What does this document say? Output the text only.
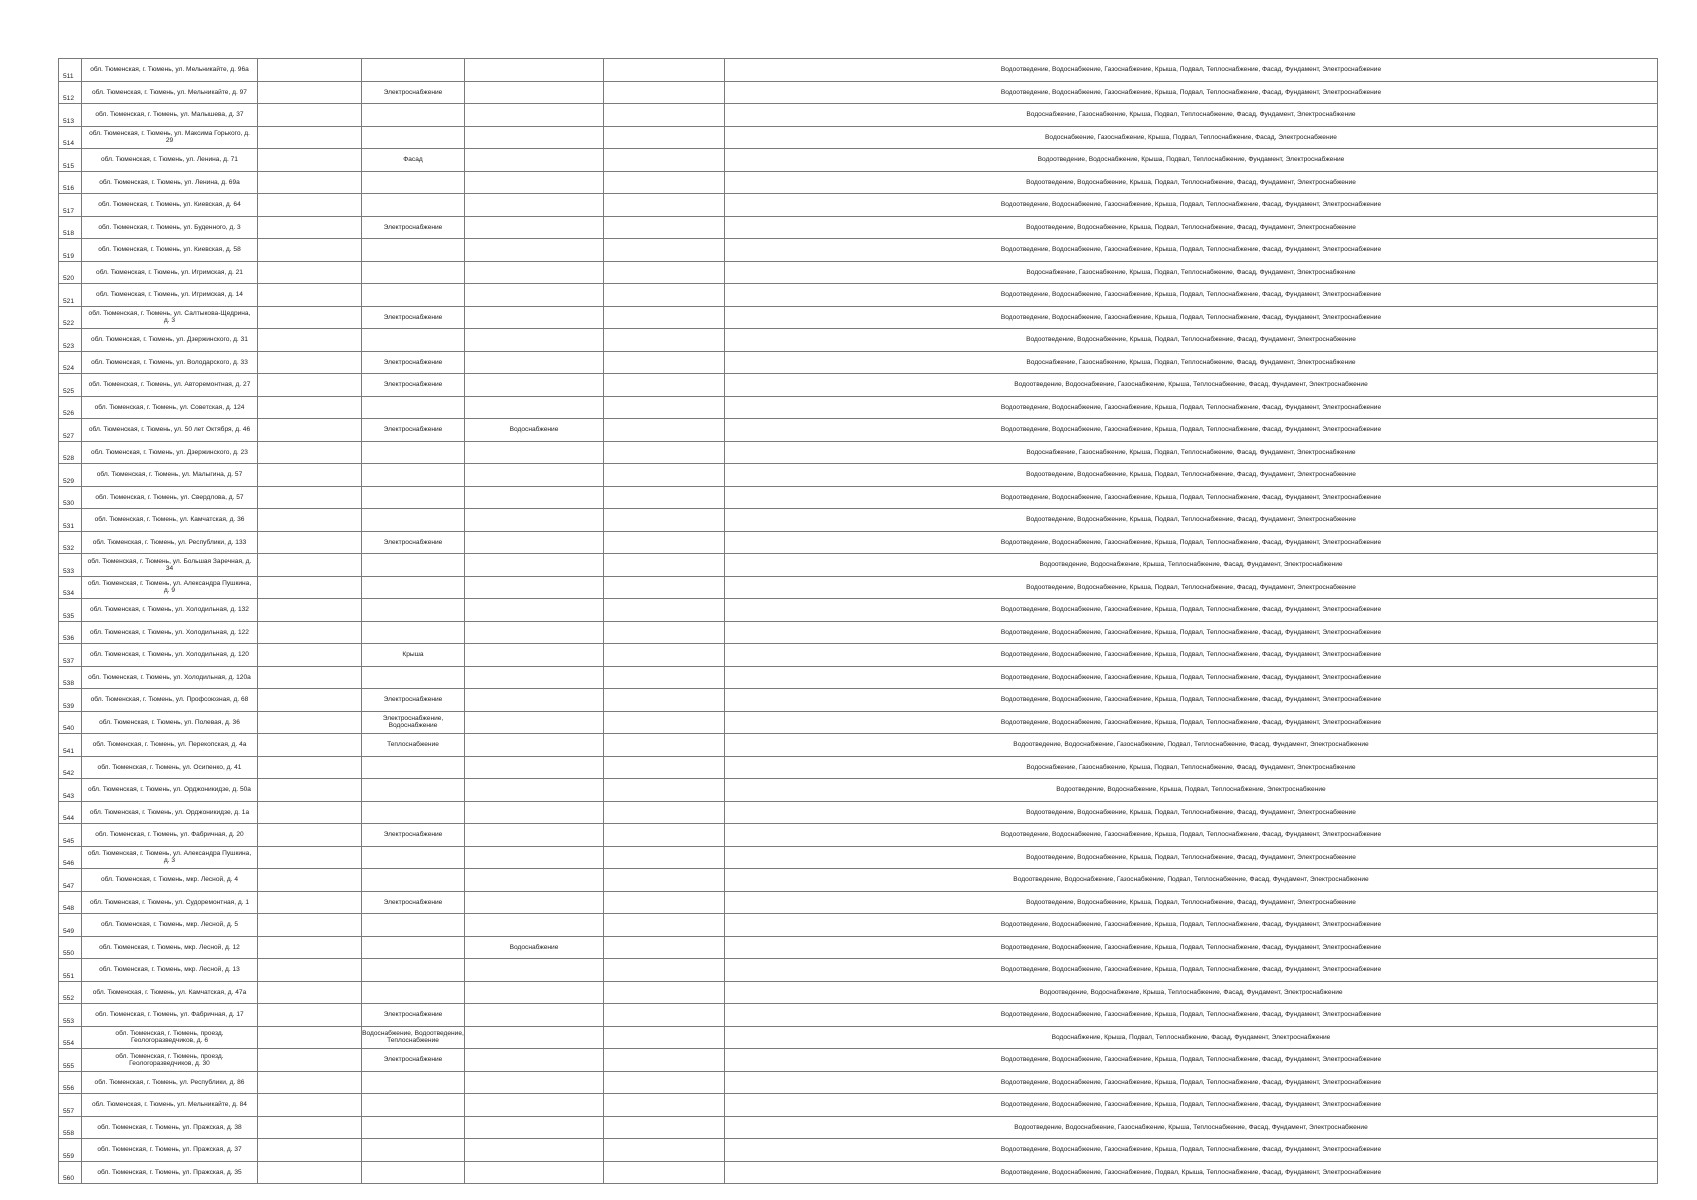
511	обл. Тюменская, г. Тюмень, ул. Мельникайте, д. 96а					Водоотведение, Водоснабжение, Газоснабжение, Крыша, Подвал, Теплоснабжение, Фасад, Фундамент, Электроснабжение
512	обл. Тюменская, г. Тюмень, ул. Мельникайте, д. 97		Электроснабжение			Водоотведение, Водоснабжение, Газоснабжение, Крыша, Подвал, Теплоснабжение, Фасад, Фундамент, Электроснабжение
513	обл. Тюменская, г. Тюмень, ул. Малышева, д. 37					Водоснабжение, Газоснабжение, Крыша, Подвал, Теплоснабжение, Фасад, Фундамент, Электроснабжение
514	обл. Тюменская, г. Тюмень, ул. Максима Горького, д. 29					Водоснабжение, Газоснабжение, Крыша, Подвал, Теплоснабжение, Фасад, Электроснабжение
515	обл. Тюменская, г. Тюмень, ул. Ленина, д. 71		Фасад			Водоотведение, Водоснабжение, Крыша, Подвал, Теплоснабжение, Фундамент, Электроснабжение
516	обл. Тюменская, г. Тюмень, ул. Ленина, д. 69а					Водоотведение, Водоснабжение, Крыша, Подвал, Теплоснабжение, Фасад, Фундамент, Электроснабжение
517	обл. Тюменская, г. Тюмень, ул. Киевская, д. 64					Водоотведение, Водоснабжение, Газоснабжение, Крыша, Подвал, Теплоснабжение, Фасад, Фундамент, Электроснабжение
518	обл. Тюменская, г. Тюмень, ул. Буденного, д. 3		Электроснабжение			Водоотведение, Водоснабжение, Крыша, Подвал, Теплоснабжение, Фасад, Фундамент, Электроснабжение
519	обл. Тюменская, г. Тюмень, ул. Киевская, д. 58					Водоотведение, Водоснабжение, Газоснабжение, Крыша, Подвал, Теплоснабжение, Фасад, Фундамент, Электроснабжение
520	обл. Тюменская, г. Тюмень, ул. Игримская, д. 21					Водоснабжение, Газоснабжение, Крыша, Подвал, Теплоснабжение, Фасад, Фундамент, Электроснабжение
521	обл. Тюменская, г. Тюмень, ул. Игримская, д. 14					Водоотведение, Водоснабжение, Газоснабжение, Крыша, Подвал, Теплоснабжение, Фасад, Фундамент, Электроснабжение
522	обл. Тюменская, г. Тюмень, ул. Салтыкова-Щедрина, д. 3		Электроснабжение			Водоотведение, Водоснабжение, Газоснабжение, Крыша, Подвал, Теплоснабжение, Фасад, Фундамент, Электроснабжение
523	обл. Тюменская, г. Тюмень, ул. Дзержинского, д. 31					Водоотведение, Водоснабжение, Крыша, Подвал, Теплоснабжение, Фасад, Фундамент, Электроснабжение
524	обл. Тюменская, г. Тюмень, ул. Володарского, д. 33		Электроснабжение			Водоснабжение, Газоснабжение, Крыша, Подвал, Теплоснабжение, Фасад, Фундамент, Электроснабжение
525	обл. Тюменская, г. Тюмень, ул. Авторемонтная, д. 27		Электроснабжение			Водоотведение, Водоснабжение, Газоснабжение, Крыша, Теплоснабжение, Фасад, Фундамент, Электроснабжение
526	обл. Тюменская, г. Тюмень, ул. Советская, д. 124					Водоотведение, Водоснабжение, Газоснабжение, Крыша, Подвал, Теплоснабжение, Фасад, Фундамент, Электроснабжение
527	обл. Тюменская, г. Тюмень, ул. 50 лет Октября, д. 46		Электроснабжение	Водоснабжение		Водоотведение, Водоснабжение, Газоснабжение, Крыша, Подвал, Теплоснабжение, Фасад, Фундамент, Электроснабжение
528	обл. Тюменская, г. Тюмень, ул. Дзержинского, д. 23					Водоснабжение, Газоснабжение, Крыша, Подвал, Теплоснабжение, Фасад, Фундамент, Электроснабжение
529	обл. Тюменская, г. Тюмень, ул. Малыгина, д. 57					Водоотведение, Водоснабжение, Крыша, Подвал, Теплоснабжение, Фасад, Фундамент, Электроснабжение
530	обл. Тюменская, г. Тюмень, ул. Свердлова, д. 57					Водоотведение, Водоснабжение, Газоснабжение, Крыша, Подвал, Теплоснабжение, Фасад, Фундамент, Электроснабжение
531	обл. Тюменская, г. Тюмень, ул. Камчатская, д. 36					Водоотведение, Водоснабжение, Крыша, Подвал, Теплоснабжение, Фасад, Фундамент, Электроснабжение
532	обл. Тюменская, г. Тюмень, ул. Республики, д. 133		Электроснабжение			Водоотведение, Водоснабжение, Газоснабжение, Крыша, Подвал, Теплоснабжение, Фасад, Фундамент, Электроснабжение
533	обл. Тюменская, г. Тюмень, ул. Большая Заречная, д. 34					Водоотведение, Водоснабжение, Крыша, Теплоснабжение, Фасад, Фундамент, Электроснабжение
534	обл. Тюменская, г. Тюмень, ул. Александра Пушкина, д. 9					Водоотведение, Водоснабжение, Крыша, Подвал, Теплоснабжение, Фасад, Фундамент, Электроснабжение
535	обл. Тюменская, г. Тюмень, ул. Холодильная, д. 132					Водоотведение, Водоснабжение, Газоснабжение, Крыша, Подвал, Теплоснабжение, Фасад, Фундамент, Электроснабжение
536	обл. Тюменская, г. Тюмень, ул. Холодильная, д. 122					Водоотведение, Водоснабжение, Газоснабжение, Крыша, Подвал, Теплоснабжение, Фасад, Фундамент, Электроснабжение
537	обл. Тюменская, г. Тюмень, ул. Холодильная, д. 120		Крыша			Водоотведение, Водоснабжение, Газоснабжение, Крыша, Подвал, Теплоснабжение, Фасад, Фундамент, Электроснабжение
538	обл. Тюменская, г. Тюмень, ул. Холодильная, д. 120а					Водоотведение, Водоснабжение, Газоснабжение, Крыша, Подвал, Теплоснабжение, Фасад, Фундамент, Электроснабжение
539	обл. Тюменская, г. Тюмень, ул. Профсоюзная, д. 68		Электроснабжение			Водоотведение, Водоснабжение, Газоснабжение, Крыша, Подвал, Теплоснабжение, Фасад, Фундамент, Электроснабжение
540	обл. Тюменская, г. Тюмень, ул. Полевая, д. 36		Электроснабжение, Водоснабжение			Водоотведение, Водоснабжение, Газоснабжение, Крыша, Подвал, Теплоснабжение, Фасад, Фундамент, Электроснабжение
541	обл. Тюменская, г. Тюмень, ул. Перекопская, д. 4а		Теплоснабжение			Водоотведение, Водоснабжение, Газоснабжение, Подвал, Теплоснабжение, Фасад, Фундамент, Электроснабжение
542	обл. Тюменская, г. Тюмень, ул. Осипенко, д. 41					Водоснабжение, Газоснабжение, Крыша, Подвал, Теплоснабжение, Фасад, Фундамент, Электроснабжение
543	обл. Тюменская, г. Тюмень, ул. Орджоникидзе, д. 50а					Водоотведение, Водоснабжение, Крыша, Подвал, Теплоснабжение, Электроснабжение
544	обл. Тюменская, г. Тюмень, ул. Орджоникидзе, д. 1а					Водоотведение, Водоснабжение, Крыша, Подвал, Теплоснабжение, Фасад, Фундамент, Электроснабжение
545	обл. Тюменская, г. Тюмень, ул. Фабричная, д. 20		Электроснабжение			Водоотведение, Водоснабжение, Газоснабжение, Крыша, Подвал, Теплоснабжение, Фасад, Фундамент, Электроснабжение
546	обл. Тюменская, г. Тюмень, ул. Александра Пушкина, д. 3					Водоотведение, Водоснабжение, Крыша, Подвал, Теплоснабжение, Фасад, Фундамент, Электроснабжение
547	обл. Тюменская, г. Тюмень, мкр. Лесной, д. 4					Водоотведение, Водоснабжение, Газоснабжение, Подвал, Теплоснабжение, Фасад, Фундамент, Электроснабжение
548	обл. Тюменская, г. Тюмень, ул. Судоремонтная, д. 1		Электроснабжение			Водоотведение, Водоснабжение, Крыша, Подвал, Теплоснабжение, Фасад, Фундамент, Электроснабжение
549	обл. Тюменская, г. Тюмень, мкр. Лесной, д. 5					Водоотведение, Водоснабжение, Газоснабжение, Крыша, Подвал, Теплоснабжение, Фасад, Фундамент, Электроснабжение
550	обл. Тюменская, г. Тюмень, мкр. Лесной, д. 12			Водоснабжение		Водоотведение, Водоснабжение, Газоснабжение, Крыша, Подвал, Теплоснабжение, Фасад, Фундамент, Электроснабжение
551	обл. Тюменская, г. Тюмень, мкр. Лесной, д. 13					Водоотведение, Водоснабжение, Газоснабжение, Крыша, Подвал, Теплоснабжение, Фасад, Фундамент, Электроснабжение
552	обл. Тюменская, г. Тюмень, ул. Камчатская, д. 47а					Водоотведение, Водоснабжение, Крыша, Теплоснабжение, Фасад, Фундамент, Электроснабжение
553	обл. Тюменская, г. Тюмень, ул. Фабричная, д. 17		Электроснабжение			Водоотведение, Водоснабжение, Газоснабжение, Крыша, Подвал, Теплоснабжение, Фасад, Фундамент, Электроснабжение
554	обл. Тюменская, г. Тюмень, проезд. Геологоразведчиков, д. 6		Водоснабжение, Водоотведение, Теплоснабжение			Водоснабжение, Крыша, Подвал, Теплоснабжение, Фасад, Фундамент, Электроснабжение
555	обл. Тюменская, г. Тюмень, проезд. Геологоразведчиков, д. 30		Электроснабжение			Водоотведение, Водоснабжение, Газоснабжение, Крыша, Подвал, Теплоснабжение, Фасад, Фундамент, Электроснабжение
556	обл. Тюменская, г. Тюмень, ул. Республики, д. 86					Водоотведение, Водоснабжение, Газоснабжение, Крыша, Подвал, Теплоснабжение, Фасад, Фундамент, Электроснабжение
557	обл. Тюменская, г. Тюмень, ул. Мельникайте, д. 84					Водоотведение, Водоснабжение, Газоснабжение, Крыша, Подвал, Теплоснабжение, Фасад, Фундамент, Электроснабжение
558	обл. Тюменская, г. Тюмень, ул. Пражская, д. 38					Водоотведение, Водоснабжение, Газоснабжение, Крыша, Теплоснабжение, Фасад, Фундамент, Электроснабжение
559	обл. Тюменская, г. Тюмень, ул. Пражская, д. 37					Водоотведение, Водоснабжение, Газоснабжение, Крыша, Подвал, Теплоснабжение, Фасад, Фундамент, Электроснабжение
560	обл. Тюменская, г. Тюмень, ул. Пражская, д. 35					Водоотведение, Водоснабжение, Газоснабжение, Подвал, Крыша, Теплоснабжение, Фасад, Фундамент, Электроснабжение
